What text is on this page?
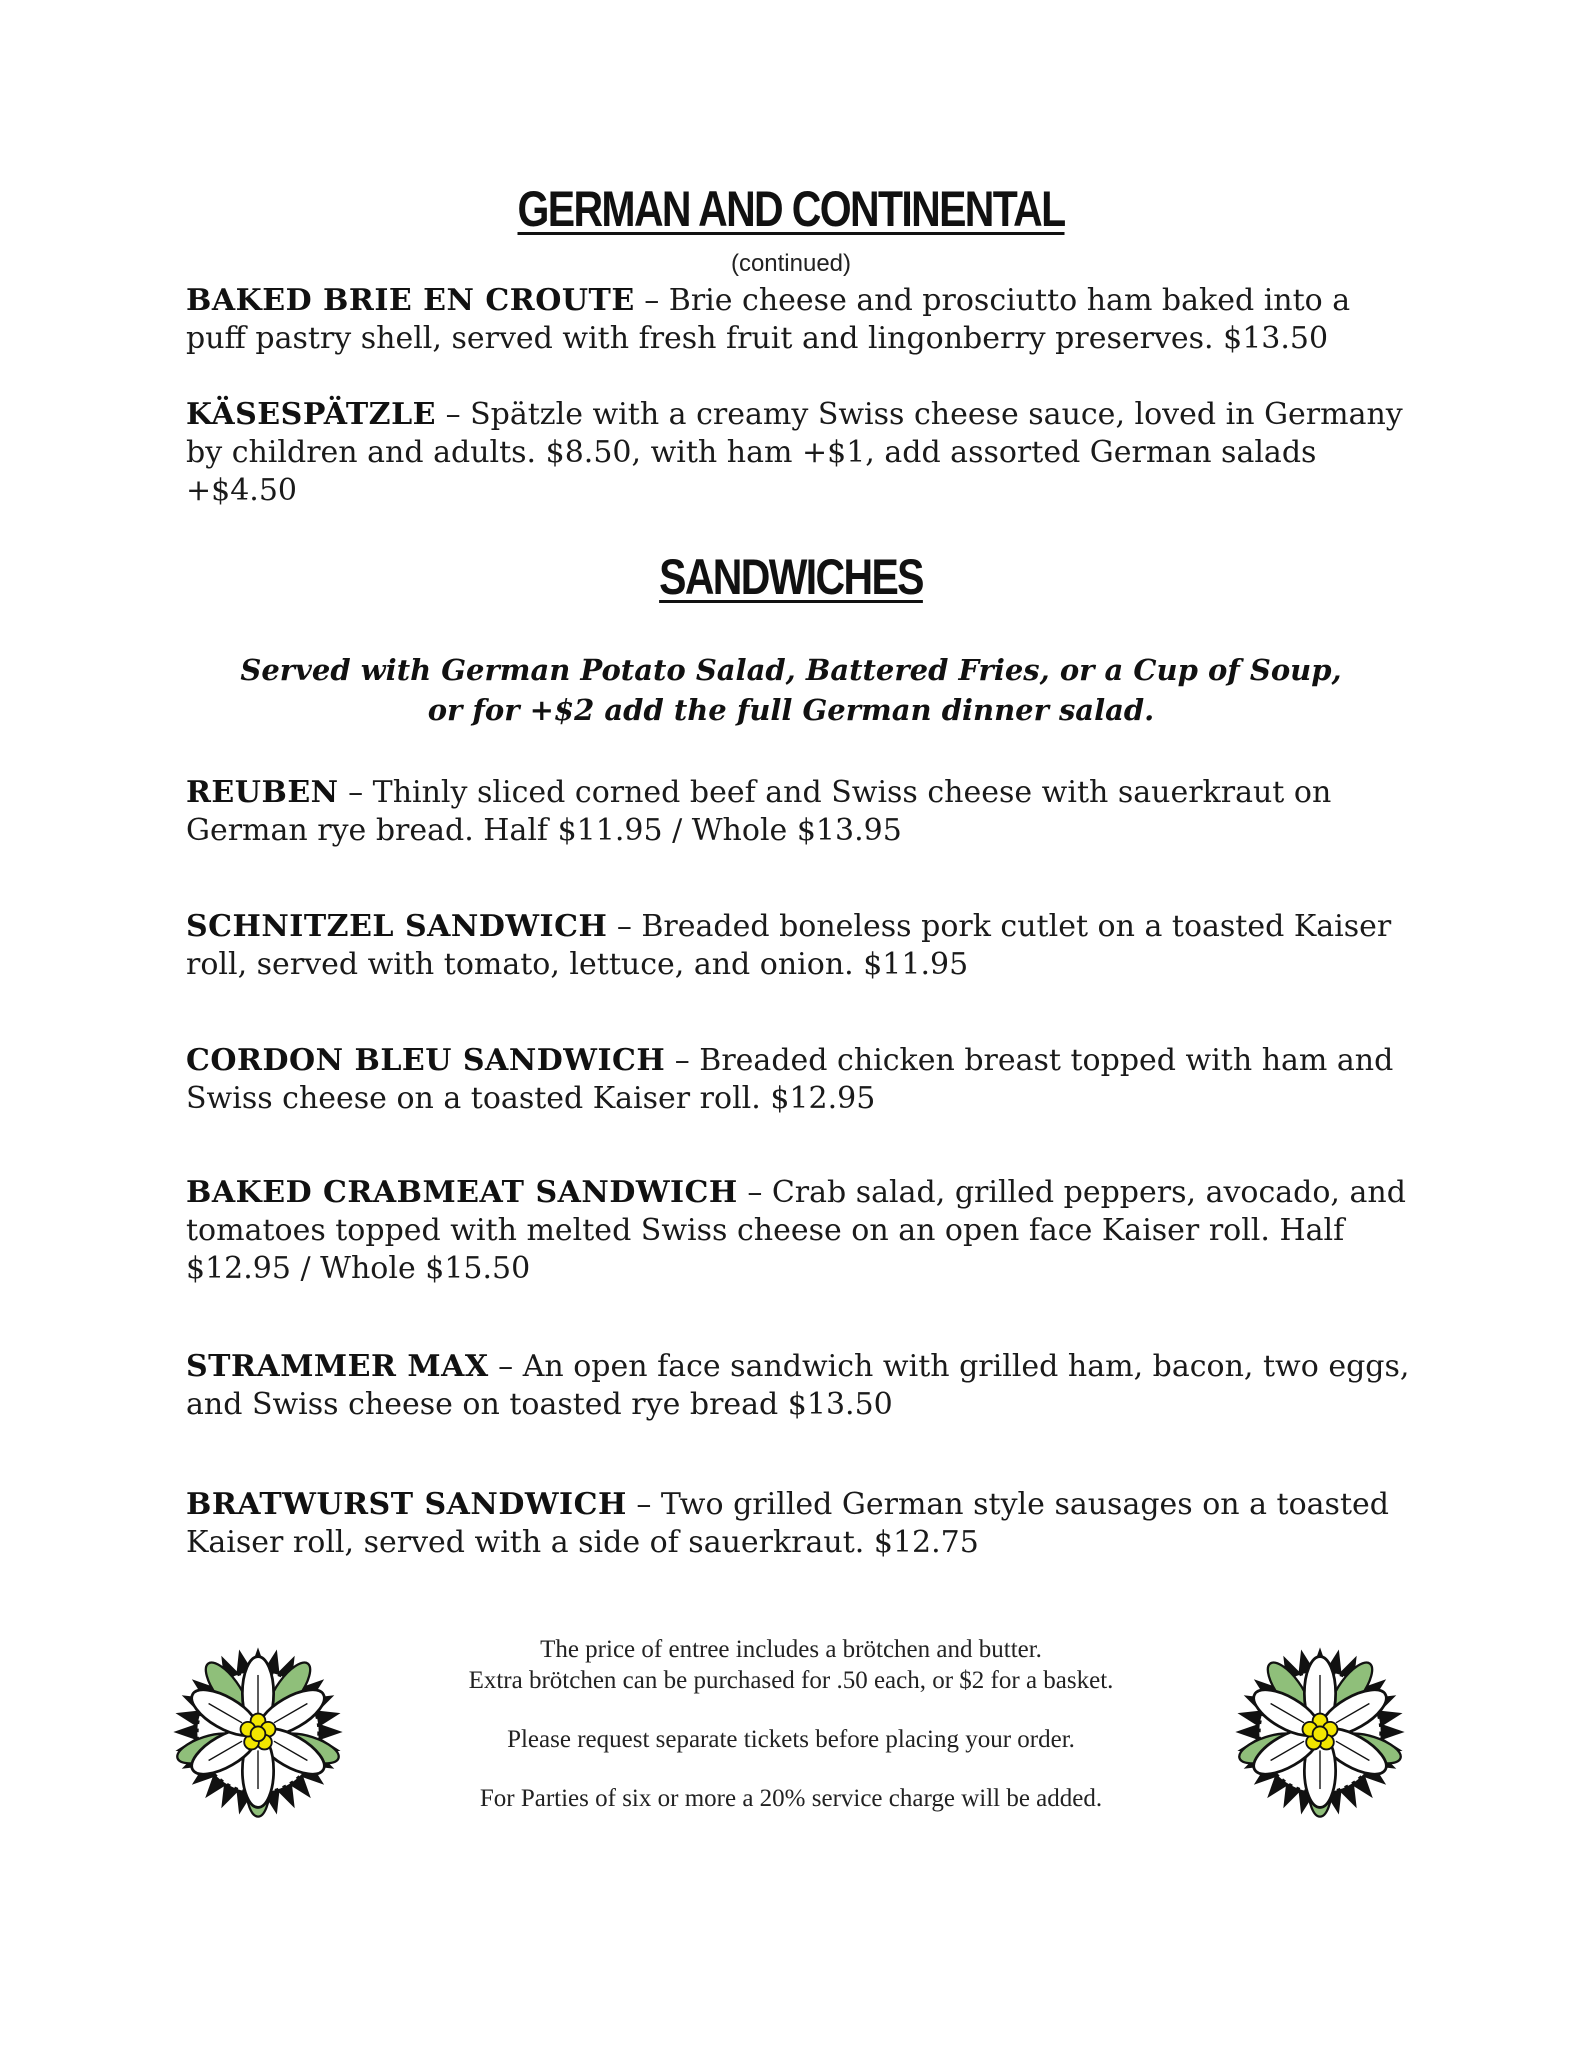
GERMAN AND CONTINENTAL
(continued)
BAKED BRIE EN CROUTE – Brie cheese and prosciutto ham baked into a puff pastry shell, served with fresh fruit and lingonberry preserves. $13.50
KÄSESPÄTZLE – Spätzle with a creamy Swiss cheese sauce, loved in Germany by children and adults. $8.50, with ham +$1, add assorted German salads +$4.50
SANDWICHES
Served with German Potato Salad, Battered Fries, or a Cup of Soup,
or for +$2 add the full German dinner salad.
REUBEN – Thinly sliced corned beef and Swiss cheese with sauerkraut on German rye bread. Half $11.95 / Whole $13.95
SCHNITZEL SANDWICH – Breaded boneless pork cutlet on a toasted Kaiser roll, served with tomato, lettuce, and onion. $11.95
CORDON BLEU SANDWICH – Breaded chicken breast topped with ham and Swiss cheese on a toasted Kaiser roll. $12.95
BAKED CRABMEAT SANDWICH – Crab salad, grilled peppers, avocado, and tomatoes topped with melted Swiss cheese on an open face Kaiser roll. Half $12.95 / Whole $15.50
STRAMMER MAX – An open face sandwich with grilled ham, bacon, two eggs, and Swiss cheese on toasted rye bread $13.50
BRATWURST SANDWICH – Two grilled German style sausages on a toasted Kaiser roll, served with a side of sauerkraut. $12.75
The price of entree includes a brötchen and butter.
Extra brötchen can be purchased for .50 each, or $2 for a basket.
Please request separate tickets before placing your order.
For Parties of six or more a 20% service charge will be added.
